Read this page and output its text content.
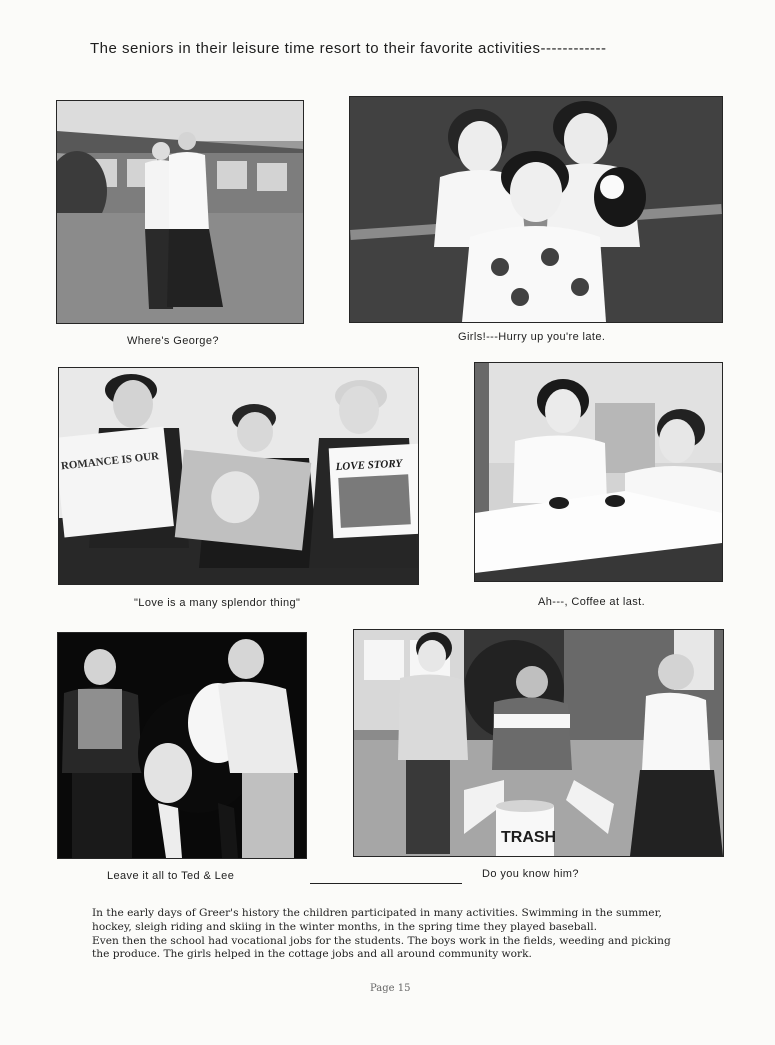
The seniors in their leisure time resort to their favorite activities------------
Where's George?	Girls!---Hurry up you're late.
ROMANCE IS OUR	LOVE STORY
"Love is a many splendor thing"	Ah---, Coffee at last.
Leave it all to Ted & Lee
TRASH
Do you know him?
In the early days of Greer's history the children participated in many activities. Swimming in the summer,
hockey, sleigh riding and skiing in the winter months, in the spring time they played baseball.
Even then the school had vocational jobs for the students. The boys work in the fields, weeding and picking
the produce. The girls helped in the cottage jobs and all around community work.
Page 15
